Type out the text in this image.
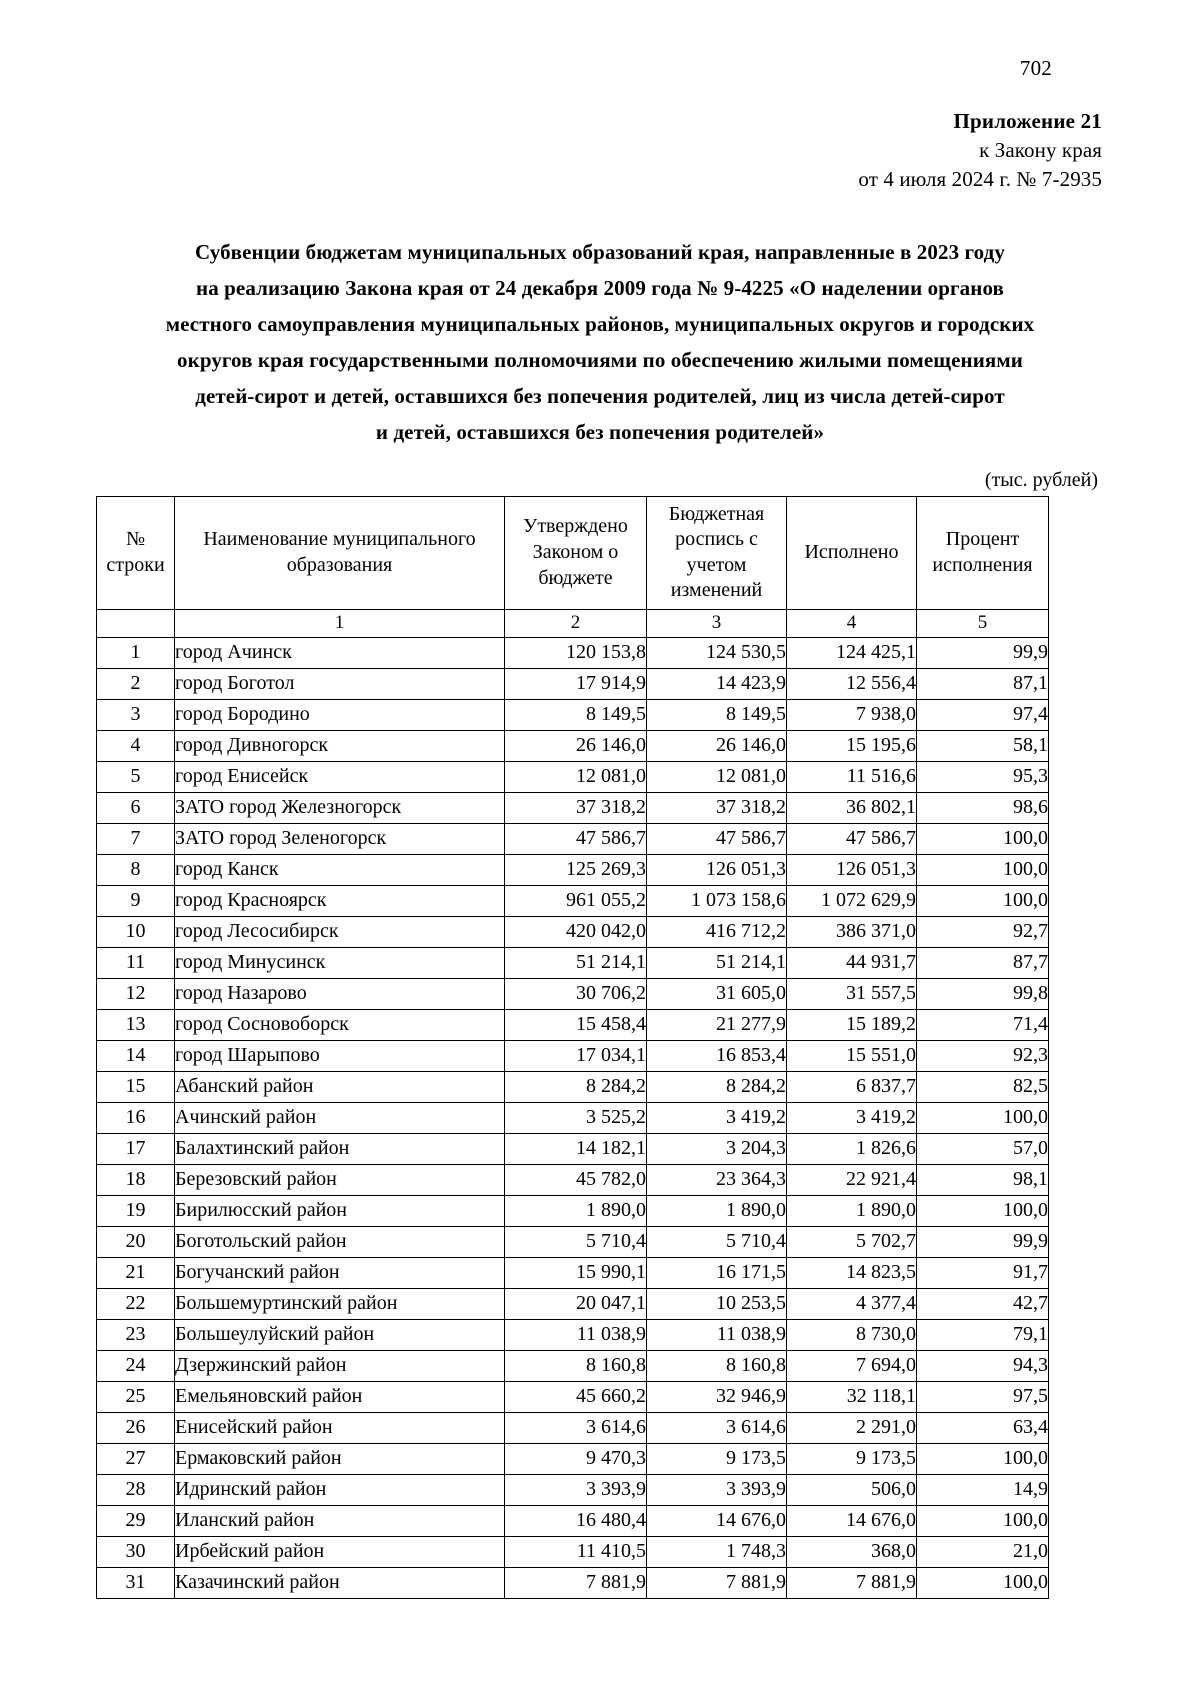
702
Приложение 21
к Закону края
от 4 июля 2024 г. № 7-2935
Субвенции бюджетам муниципальных образований края, направленные в 2023 году
на реализацию Закона края от 24 декабря 2009 года № 9-4225 «О наделении органов
местного самоуправления муниципальных районов, муниципальных округов и городских
округов края государственными полномочиями по обеспечению жилыми помещениями
детей-сирот и детей, оставшихся без попечения родителей, лиц из числа детей-сирот
и детей, оставшихся без попечения родителей»
(тыс. рублей)
№ строки	Наименование муниципального образования	Утверждено Законом о бюджете	Бюджетная роспись с учетом изменений	Исполнено	Процент исполнения
	1	2	3	4	5
1	город Ачинск	120 153,8	124 530,5	124 425,1	99,9
2	город Боготол	17 914,9	14 423,9	12 556,4	87,1
3	город Бородино	8 149,5	8 149,5	7 938,0	97,4
4	город Дивногорск	26 146,0	26 146,0	15 195,6	58,1
5	город Енисейск	12 081,0	12 081,0	11 516,6	95,3
6	ЗАТО город Железногорск	37 318,2	37 318,2	36 802,1	98,6
7	ЗАТО город Зеленогорск	47 586,7	47 586,7	47 586,7	100,0
8	город Канск	125 269,3	126 051,3	126 051,3	100,0
9	город Красноярск	961 055,2	1 073 158,6	1 072 629,9	100,0
10	город Лесосибирск	420 042,0	416 712,2	386 371,0	92,7
11	город Минусинск	51 214,1	51 214,1	44 931,7	87,7
12	город Назарово	30 706,2	31 605,0	31 557,5	99,8
13	город Сосновоборск	15 458,4	21 277,9	15 189,2	71,4
14	город Шарыпово	17 034,1	16 853,4	15 551,0	92,3
15	Абанский район	8 284,2	8 284,2	6 837,7	82,5
16	Ачинский район	3 525,2	3 419,2	3 419,2	100,0
17	Балахтинский район	14 182,1	3 204,3	1 826,6	57,0
18	Березовский район	45 782,0	23 364,3	22 921,4	98,1
19	Бирилюсский район	1 890,0	1 890,0	1 890,0	100,0
20	Боготольский район	5 710,4	5 710,4	5 702,7	99,9
21	Богучанский район	15 990,1	16 171,5	14 823,5	91,7
22	Большемуртинский район	20 047,1	10 253,5	4 377,4	42,7
23	Большеулуйский район	11 038,9	11 038,9	8 730,0	79,1
24	Дзержинский район	8 160,8	8 160,8	7 694,0	94,3
25	Емельяновский район	45 660,2	32 946,9	32 118,1	97,5
26	Енисейский район	3 614,6	3 614,6	2 291,0	63,4
27	Ермаковский район	9 470,3	9 173,5	9 173,5	100,0
28	Идринский район	3 393,9	3 393,9	506,0	14,9
29	Иланский район	16 480,4	14 676,0	14 676,0	100,0
30	Ирбейский район	11 410,5	1 748,3	368,0	21,0
31	Казачинский район	7 881,9	7 881,9	7 881,9	100,0
